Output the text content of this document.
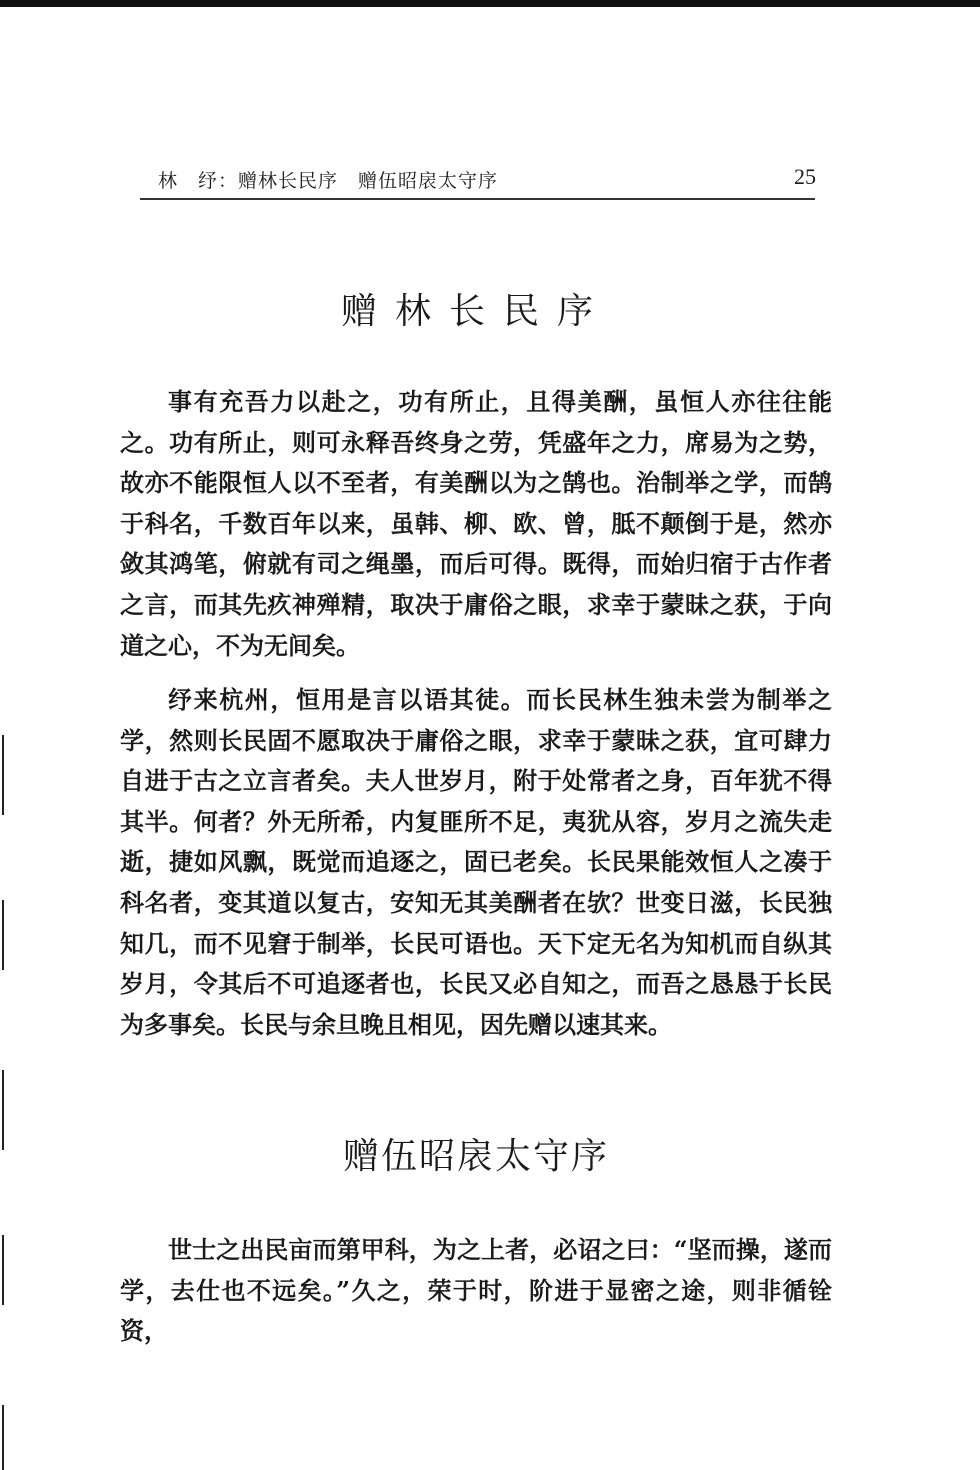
林　纾：赠林长民序　赠伍昭扆太守序	25
赠林长民序

事有充吾力以赴之，功有所止，且得美酬，虽恒人亦往往能之。功有所止，则可永释吾终身之劳，凭盛年之力，席易为之势，故亦不能限恒人以不至者，有美酬以为之鹄也。治制举之学，而鹄于科名，千数百年以来，虽韩、柳、欧、曾，胝不颠倒于是，然亦敛其鸿笔，俯就有司之绳墨，而后可得。既得，而始归宿于古作者之言，而其先疚神殚精，取决于庸俗之眼，求幸于蒙昧之获，于向道之心，不为无间矣。

纾来杭州，恒用是言以语其徒。而长民林生独未尝为制举之学，然则长民固不愿取决于庸俗之眼，求幸于蒙昧之获，宜可肆力自进于古之立言者矣。夫人世岁月，附于处常者之身，百年犹不得其半。何者？外无所希，内复匪所不足，夷犹从容，岁月之流失走逝，捷如风飘，既觉而追逐之，固已老矣。长民果能效恒人之凑于科名者，变其道以复古，安知无其美酬者在欤？世变日滋，长民独知几，而不见窘于制举，长民可语也。天下定无名为知机而自纵其岁月，令其后不可追逐者也，长民又必自知之，而吾之恳恳于长民为多事矣。长民与余旦晚且相见，因先赠以速其来。

赠伍昭扆太守序

世士之出民亩而第甲科，为之上者，必诏之曰：“坚而操，遂而学，去仕也不远矣。”久之，荣于时，阶进于显密之途，则非循铨资，
